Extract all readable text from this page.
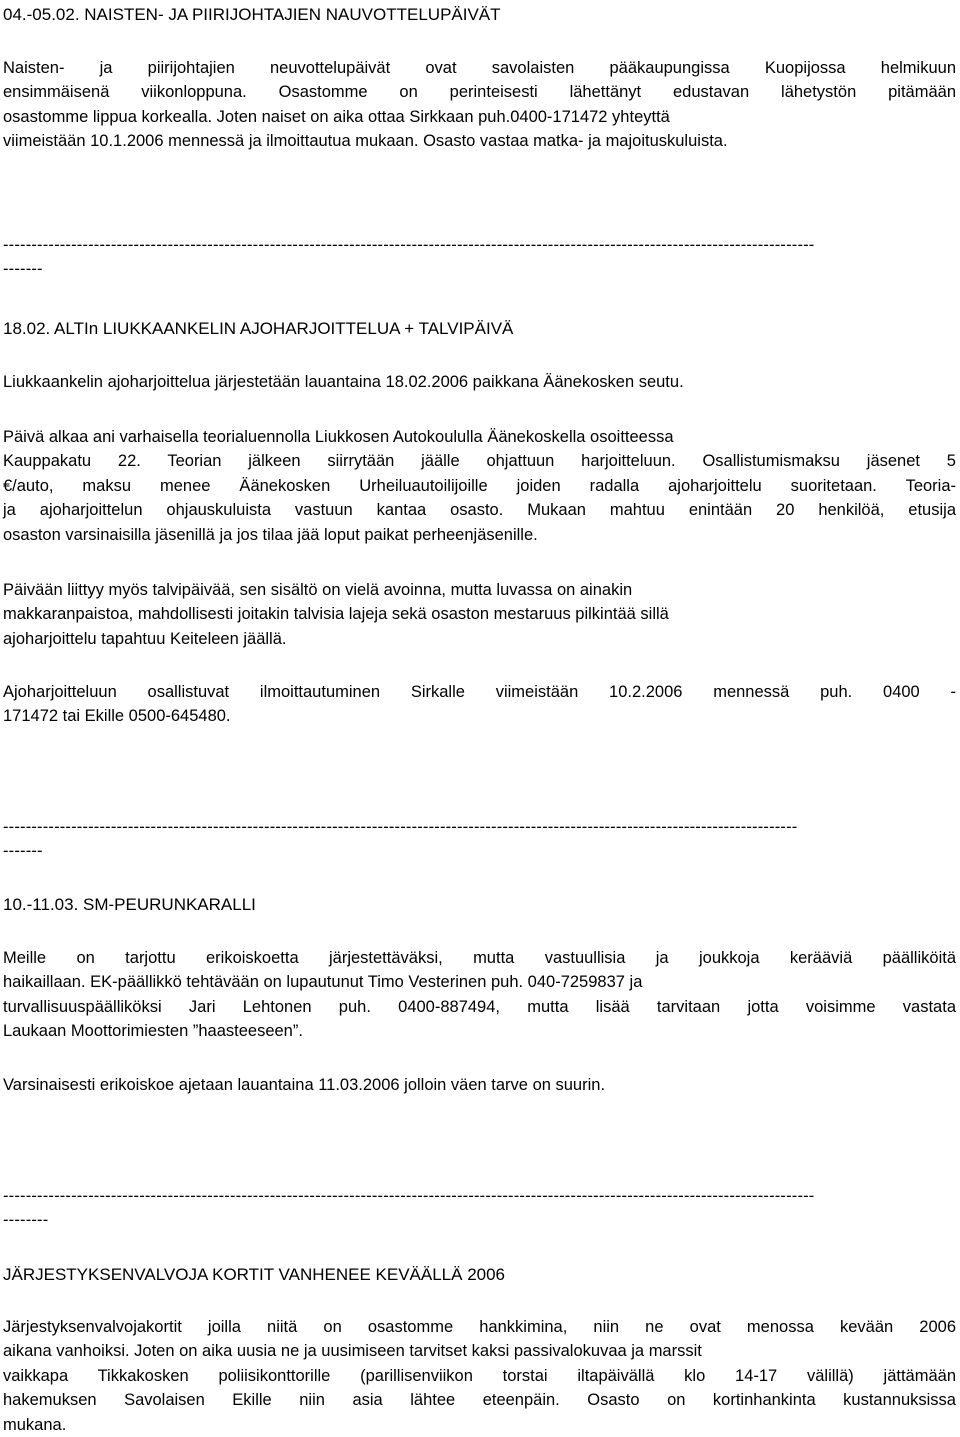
04.-05.02. NAISTEN- JA PIIRIJOHTAJIEN NAUVOTTELUPÄIVÄT
Naisten- ja piirijohtajien neuvottelupäivät ovat savolaisten pääkaupungissa Kuopijossa helmikuun
ensimmäisenä viikonloppuna. Osastomme on perinteisesti lähettänyt edustavan lähetystön pitämään
osastomme lippua korkealla. Joten naiset on aika ottaa Sirkkaan puh.0400-171472 yhteyttä
viimeistään 10.1.2006 mennessä ja ilmoittautua mukaan. Osasto vastaa matka- ja majoituskuluista.
-----------------------------------------------------------------------------------------------------------------------------------------------
-------
18.02. ALTIn LIUKKAANKELIN AJOHARJOITTELUA + TALVIPÄIVÄ
Liukkaankelin ajoharjoittelua järjestetään lauantaina 18.02.2006 paikkana Äänekosken seutu.
Päivä alkaa ani varhaisella teorialuennolla Liukkosen Autokoululla Äänekoskella osoitteessa
Kauppakatu 22. Teorian jälkeen siirrytään jäälle ohjattuun harjoitteluun. Osallistumismaksu jäsenet 5
€/auto, maksu menee Äänekosken Urheiluautoilijoille joiden radalla ajoharjoittelu suoritetaan. Teoria-
ja ajoharjoittelun ohjauskuluista vastuun kantaa osasto. Mukaan mahtuu enintään 20 henkilöä, etusija
osaston varsinaisilla jäsenillä ja jos tilaa jää loput paikat perheenjäsenille.
Päivään liittyy myös talvipäivää, sen sisältö on vielä avoinna, mutta luvassa on ainakin
makkaranpaistoa, mahdollisesti joitakin talvisia lajeja sekä osaston mestaruus pilkintää sillä
ajoharjoittelu tapahtuu Keiteleen jäällä.
Ajoharjoitteluun osallistuvat ilmoittautuminen Sirkalle viimeistään 10.2.2006 mennessä puh. 0400 -
171472 tai Ekille 0500-645480.
--------------------------------------------------------------------------------------------------------------------------------------------
-------
10.-11.03. SM-PEURUNKARALLI
Meille on tarjottu erikoiskoetta järjestettäväksi, mutta vastuullisia ja joukkoja kerääviä päälliköitä
haikaillaan. EK-päällikkö tehtävään on lupautunut Timo Vesterinen puh. 040-7259837 ja
turvallisuuspäälliköksi Jari Lehtonen puh. 0400-887494, mutta lisää tarvitaan jotta voisimme vastata
Laukaan Moottorimiesten ”haasteeseen”.
Varsinaisesti erikoiskoe ajetaan lauantaina 11.03.2006 jolloin väen tarve on suurin.
-----------------------------------------------------------------------------------------------------------------------------------------------
--------
JÄRJESTYKSENVALVOJA KORTIT VANHENEE KEVÄÄLLÄ 2006
Järjestyksenvalvojakortit joilla niitä on osastomme hankkimina, niin ne ovat menossa kevään 2006
aikana vanhoiksi. Joten on aika uusia ne ja uusimiseen tarvitset kaksi passivalokuvaa ja marssit
vaikkapa Tikkakosken poliisikonttorille (parillisenviikon torstai iltapäivällä klo 14-17 välillä) jättämään
hakemuksen Savolaisen Ekille niin asia lähtee eteenpäin. Osasto on kortinhankinta kustannuksissa
mukana.
